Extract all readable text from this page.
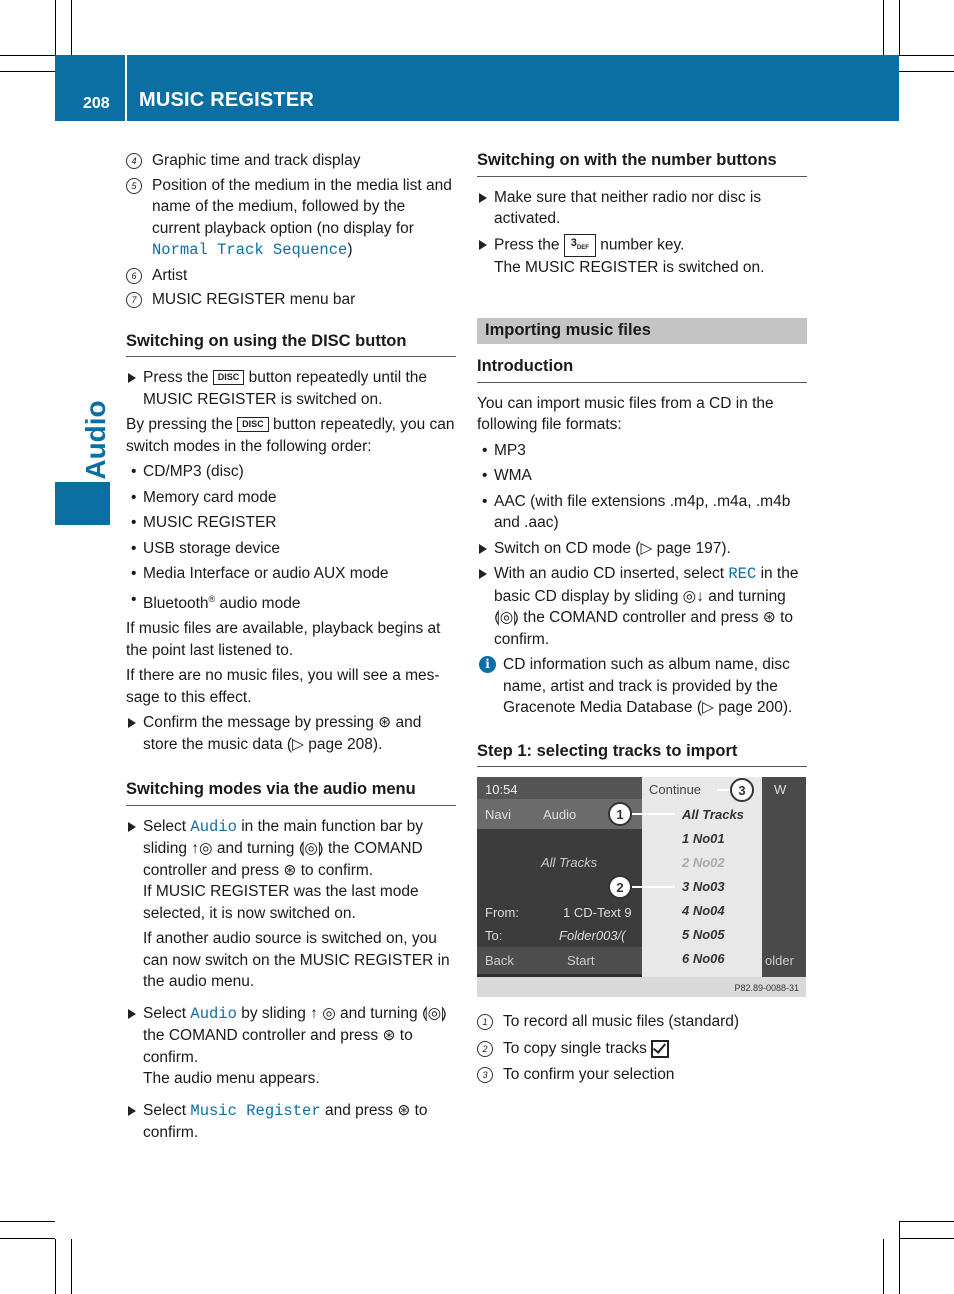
208 MUSIC REGISTER
Audio
4	Graphic time and track display
5	Position of the medium in the media list and name of the medium, followed by the current playback option (no display for Normal Track Sequence)
6	Artist
7	MUSIC REGISTER menu bar
Switching on using the DISC button
Press the DISC button repeatedly until the MUSIC REGISTER is switched on.
By pressing the DISC button repeatedly, you can switch modes in the following order:
• CD/MP3 (disc)
• Memory card mode
• MUSIC REGISTER
• USB storage device
• Media Interface or audio AUX mode
• Bluetooth® audio mode
If music files are available, playback begins at the point last listened to.
If there are no music files, you will see a mes-sage to this effect.
Confirm the message by pressing ⊛ and store the music data (▷ page 208).
Switching modes via the audio menu
Select Audio in the main function bar by sliding ↑◎ and turning ⟬◎⟭ the COMAND controller and press ⊛ to confirm.
If MUSIC REGISTER was the last mode selected, it is now switched on.
If another audio source is switched on, you can now switch on the MUSIC REGISTER in the audio menu.
Select Audio by sliding ↑ ◎ and turning ⟬◎⟭ the COMAND controller and press ⊛ to confirm.
The audio menu appears.
Select Music Register and press ⊛ to confirm.
Switching on with the number buttons
Make sure that neither radio nor disc is activated.
Press the $3_{DEF}$ number key.
The MUSIC REGISTER is switched on.
Importing music files
Introduction
You can import music files from a CD in the following file formats:
• MP3
• WMA
• AAC (with file extensions .m4p, .m4a, .m4b and .aac)
Switch on CD mode (▷ page 197).
With an audio CD inserted, select REC in the basic CD display by sliding ◎↓ and turning ⟬◎⟭ the COMAND controller and press ⊛ to confirm.
i CD information such as album name, disc name, artist and track is provided by the Gracenote Media Database (▷ page 200).
Step 1: selecting tracks to import
10:54	Continue	W
Navi Audio
All Tracks
From:	1 CD-Text 9
To:	Folder003/(
Back	Start	older
All Tracks
1 No01
2 No02
3 No03
4 No04
5 No05
6 No06
1
2
3
P82.89-0088-31
1	To record all music files (standard)
2	To copy single tracks
3	To confirm your selection
